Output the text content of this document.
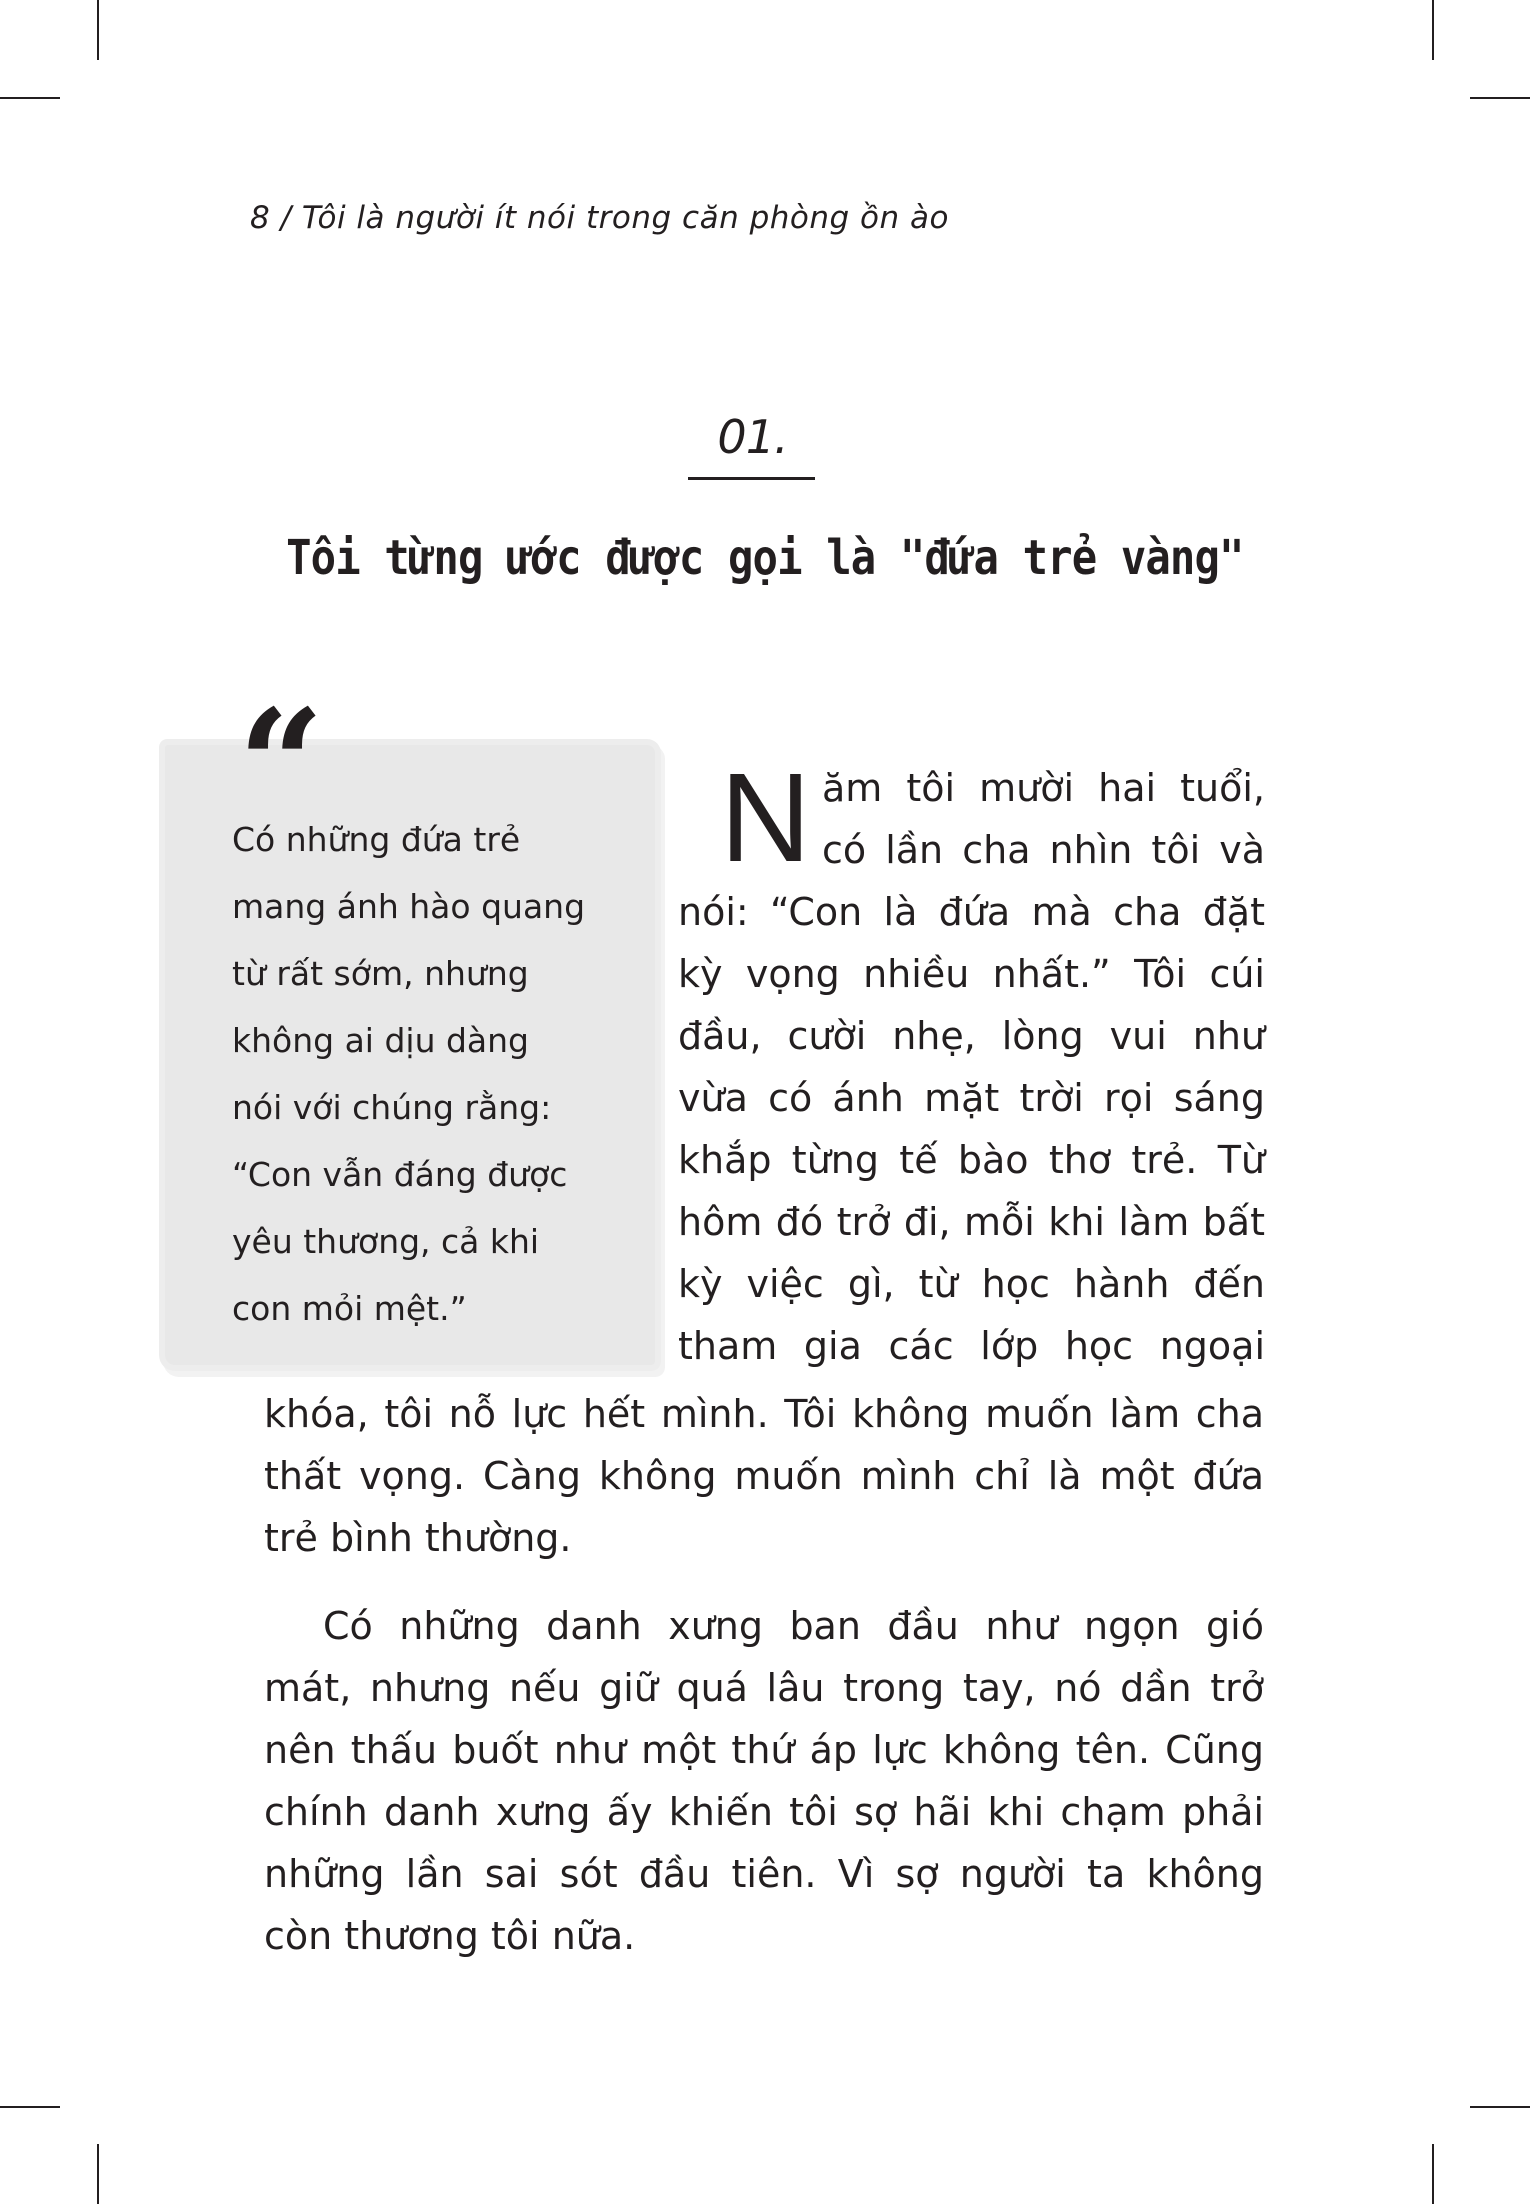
8 / Tôi là người ít nói trong căn phòng ồn ào
01.
Tôi từng ước được gọi là "đứa trẻ vàng"
“
Có những đứa trẻ
mang ánh hào quang
từ rất sớm, nhưng
không ai dịu dàng
nói với chúng rằng:
“Con vẫn đáng được
yêu thương, cả khi
con mỏi mệt.”
N ăm tôi mười hai tuổi,
có lần cha nhìn tôi và
nói: “Con là đứa mà cha đặt
kỳ vọng nhiều nhất.” Tôi cúi
đầu, cười nhẹ, lòng vui như
vừa có ánh mặt trời rọi sáng
khắp từng tế bào thơ trẻ. Từ
hôm đó trở đi, mỗi khi làm bất
kỳ việc gì, từ học hành đến
tham gia các lớp học ngoại
khóa, tôi nỗ lực hết mình. Tôi không muốn làm cha
thất vọng. Càng không muốn mình chỉ là một đứa
trẻ bình thường.
Có những danh xưng ban đầu như ngọn gió
mát, nhưng nếu giữ quá lâu trong tay, nó dần trở
nên thấu buốt như một thứ áp lực không tên. Cũng
chính danh xưng ấy khiến tôi sợ hãi khi chạm phải
những lần sai sót đầu tiên. Vì sợ người ta không
còn thương tôi nữa.
